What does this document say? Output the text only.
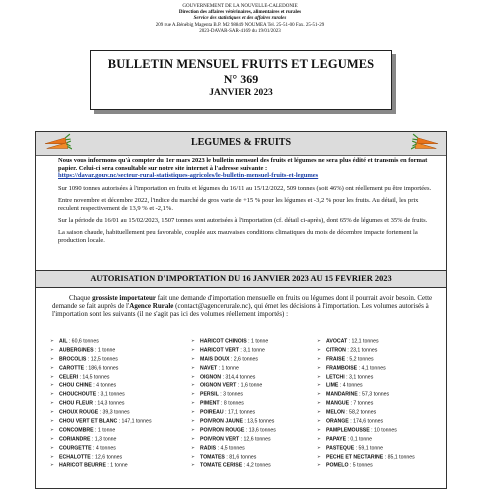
GOUVERNEMENT DE LA NOUVELLE-CALEDONIE
Direction des affaires vétérinaires, alimentaires et rurales
Service des statistiques et des affaires rurales
209 rue A.Bénébig Magenta B.P. M2 98849 NOUMEA Tel. 25-51-00 Fax. 25-51-29
2023-DAVAR-SAR-4169 du 19/01/2023
BULLETIN MENSUEL FRUITS ET LEGUMES
N° 369
JANVIER 2023
LEGUMES & FRUITS

Nous vous informons qu'à compter du 1er mars 2023 le bulletin mensuel des fruits et légumes ne sera plus édité et transmis en format papier. Celui-ci sera consultable sur notre site internet à l'adresse suivante :
https://davar.gouv.nc/secteur-rural-statistiques-agricoles/le-bulletin-mensuel-fruits-et-legumes

Sur 1090 tonnes autorisées à l'importation en fruits et légumes du 16/11 au 15/12/2022, 509 tonnes (soit 46%) ont réellement pu être importées.

Entre novembre et décembre 2022, l'indice du marché de gros varie de +15 % pour les légumes et -3,2 % pour les fruits. Au détail, les prix reculent respectivement de 13,9 % et -2,1%.

Sur la période du 16/01 au 15/02/2023, 1507 tonnes sont autorisées à l'importation (cf. détail ci-après), dont 65% de légumes et 35% de fruits.

La saison chaude, habituellement peu favorable, couplée aux mauvaises conditions climatiques du mois de décembre impacte fortement la production locale.

AUTORISATION D'IMPORTATION DU 16 JANVIER 2023 AU 15 FEVRIER 2023
Chaque grossiste importateur fait une demande d'importation mensuelle en fruits ou légumes dont il pourrait avoir besoin. Cette demande se fait auprès de l'Agence Rurale (contact@agencerurale.nc), qui émet les décisions à l'importation. Les volumes autorisés à l'importation sont les suivants (il ne s'agit pas ici des volumes réellement importés) :
➢ AIL : 60,6 tonnes
➢ AUBERGINES : 1 tonne
➢ BROCOLIS : 12,5 tonnes
➢ CAROTTE : 186,6 tonnes
➢ CELERI : 14,5 tonnes
➢ CHOU CHINE : 4 tonnes
➢ CHOUCHOUTE : 3,1 tonnes
➢ CHOU FLEUR : 14,3 tonnes
➢ CHOUX ROUGE : 39,3 tonnes
➢ CHOU VERT ET BLANC : 147,1 tonnes
➢ CONCOMBRE : 1 tonne
➢ CORIANDRE : 1,3 tonne
➢ COURGETTE : 4 tonnes
➢ ECHALOTTE : 12,6 tonnes
➢ HARICOT BEURRE : 1 tonne
➢ HARICOT CHINOIS : 1 tonne
➢ HARICOT VERT : 3,1 tonne
➢ MAIS DOUX : 2,6 tonnes
➢ NAVET : 1 tonne
➢ OIGNON : 314,4 tonnes
➢ OIGNON VERT : 1,6 tonne
➢ PERSIL : 3 tonnes
➢ PIMENT : 8 tonnes
➢ POIREAU : 17,1 tonnes
➢ POIVRON JAUNE : 13,5 tonnes
➢ POIVRON ROUGE : 13,6 tonnes
➢ POIVRON VERT : 12,6 tonnes
➢ RADIS : 4,5 tonnes
➢ TOMATES : 81,6 tonnes
➢ TOMATE CERISE : 4,2 tonnes
➢ AVOCAT : 12,1 tonnes
➢ CITRON : 23,1 tonnes
➢ FRAISE : 5,2 tonnes
➢ FRAMBOISE : 4,1 tonnes
➢ LETCHI : 3,1 tonnes
➢ LIME : 4 tonnes
➢ MANDARINE : 57,3 tonnes
➢ MANGUE : 7 tonnes
➢ MELON : 58,2 tonnes
➢ ORANGE : 174,6 tonnes
➢ PAMPLEMOUSSE : 10 tonnes
➢ PAPAYE : 0,1 tonne
➢ PASTEQUE : 59,1 tonne
➢ PECHE ET NECTARINE : 85,1 tonnes
➢ POMELO : 5 tonnes
